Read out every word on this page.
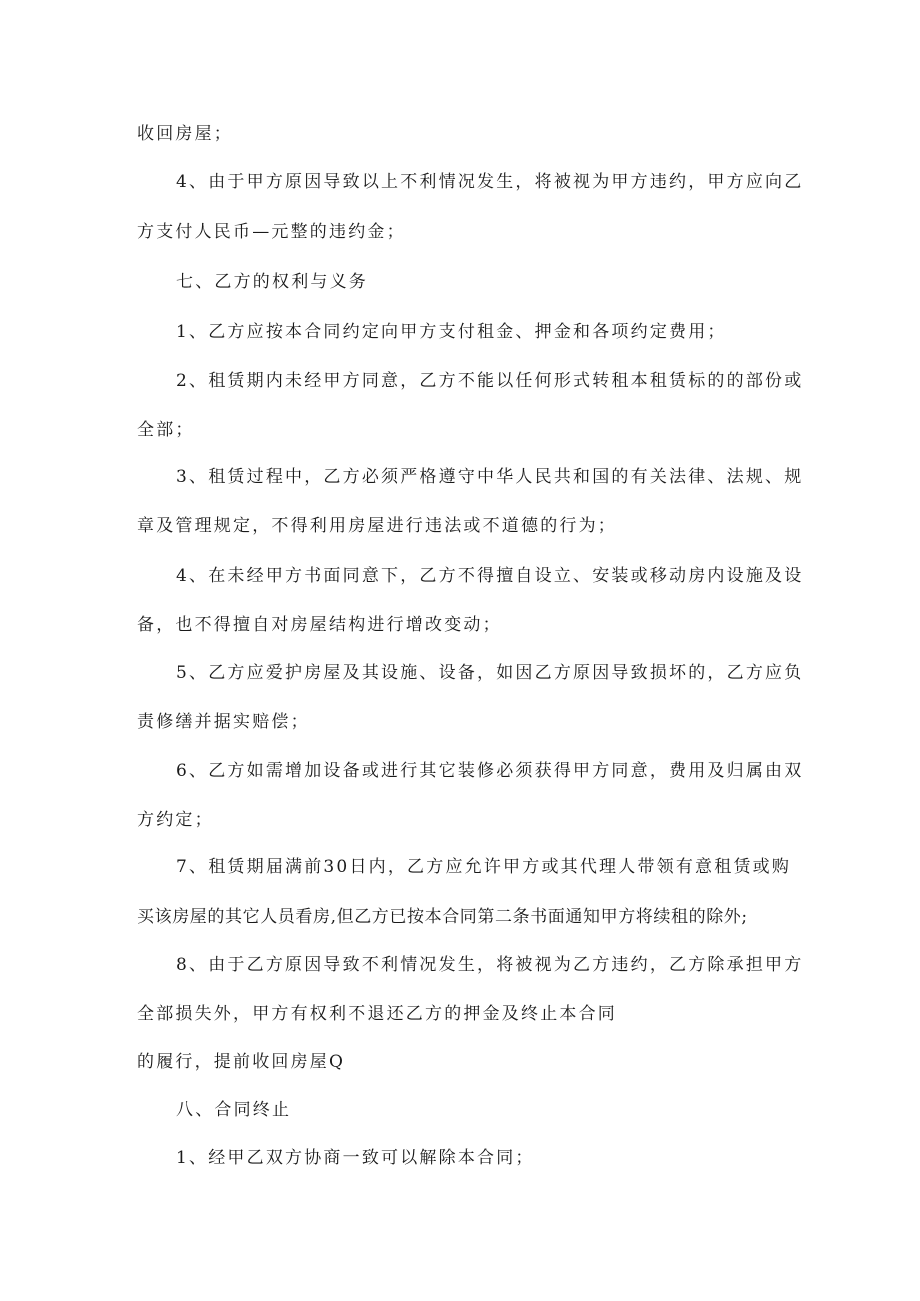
收回房屋；
4、由于甲方原因导致以上不利情况发生，将被视为甲方违约，甲方应向乙
方支付人民币—元整的违约金；
七、乙方的权利与义务
1、乙方应按本合同约定向甲方支付租金、押金和各项约定费用；
2、租赁期内未经甲方同意，乙方不能以任何形式转租本租赁标的的部份或
全部；
3、租赁过程中，乙方必须严格遵守中华人民共和国的有关法律、法规、规
章及管理规定，不得利用房屋进行违法或不道德的行为；
4、在未经甲方书面同意下，乙方不得擅自设立、安装或移动房内设施及设
备，也不得擅自对房屋结构进行增改变动；
5、乙方应爱护房屋及其设施、设备，如因乙方原因导致损坏的，乙方应负
责修缮并据实赔偿；
6、乙方如需增加设备或进行其它装修必须获得甲方同意，费用及归属由双
方约定；
7、租赁期届满前30日内，乙方应允许甲方或其代理人带领有意租赁或购
买该房屋的其它人员看房,但乙方已按本合同第二条书面通知甲方将续租的除外;
8、由于乙方原因导致不利情况发生，将被视为乙方违约，乙方除承担甲方
全部损失外，甲方有权利不退还乙方的押金及终止本合同
的履行，提前收回房屋Q
八、合同终止
1、经甲乙双方协商一致可以解除本合同；
